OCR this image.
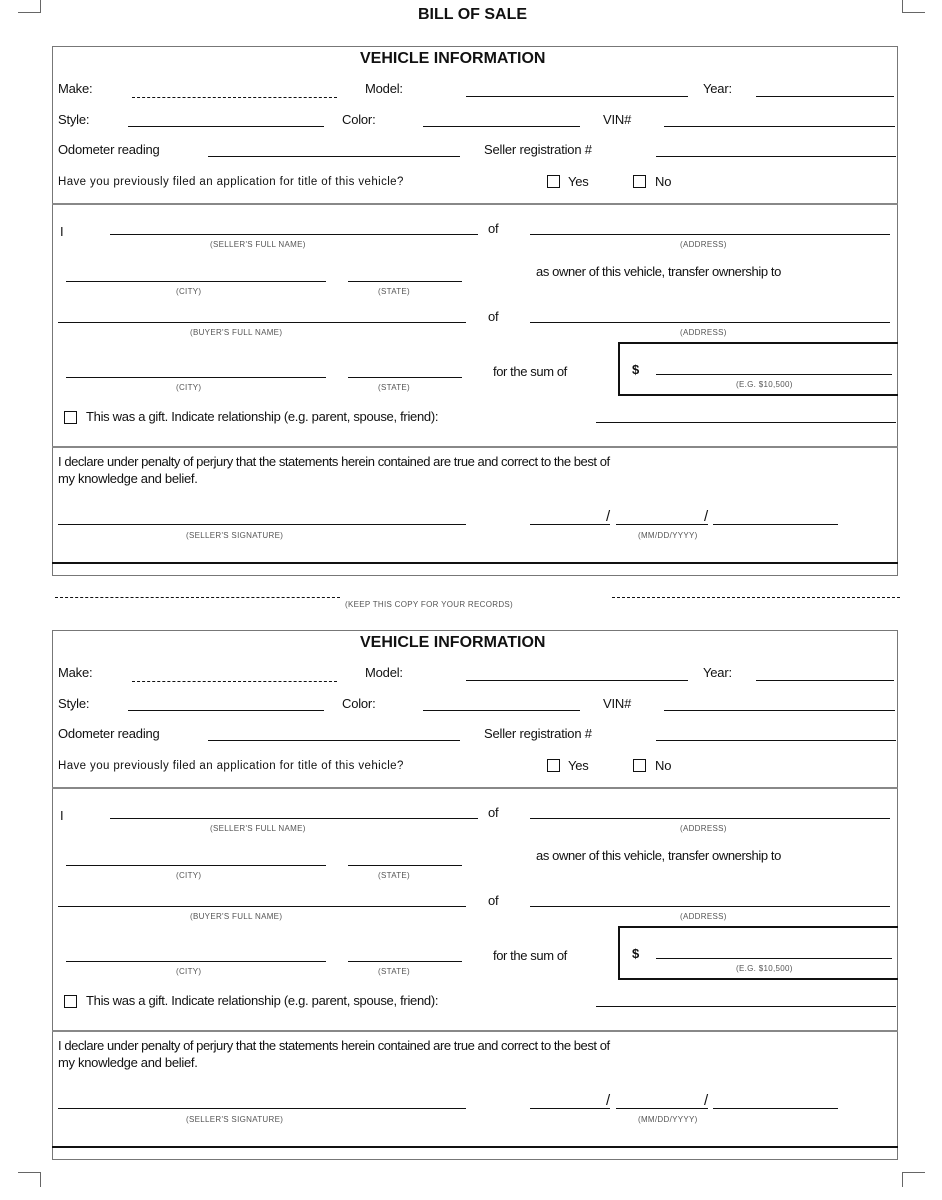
BILL OF SALE
(KEEP THIS COPY FOR YOUR RECORDS)
VEHICLE INFORMATION
Make:	Model:	Year:
Style:	Color:	VIN#
Odometer reading	Seller registration #
Have you previously filed an application for title of this vehicle?	Yes	No
I
(SELLER'S FULL NAME)
of
(ADDRESS)
(CITY)	(STATE)
as owner of this vehicle, transfer ownership to
(BUYER'S FULL NAME)
of
(ADDRESS)
(CITY)	(STATE)
for the sum of	$
(E.G. $10,500)
This was a gift. Indicate relationship (e.g. parent, spouse, friend):
I declare under penalty of perjury that the statements herein contained are true and correct to the best of
my knowledge and belief.
(SELLER'S SIGNATURE)
/	/
(MM/DD/YYYY)
VEHICLE INFORMATION
Make:	Model:	Year:
Style:	Color:	VIN#
Odometer reading	Seller registration #
Have you previously filed an application for title of this vehicle?	Yes	No
I
(SELLER'S FULL NAME)
of
(ADDRESS)
(CITY)	(STATE)
as owner of this vehicle, transfer ownership to
(BUYER'S FULL NAME)
of
(ADDRESS)
(CITY)	(STATE)
for the sum of	$
(E.G. $10,500)
This was a gift. Indicate relationship (e.g. parent, spouse, friend):
I declare under penalty of perjury that the statements herein contained are true and correct to the best of
my knowledge and belief.
(SELLER'S SIGNATURE)
/	/
(MM/DD/YYYY)
